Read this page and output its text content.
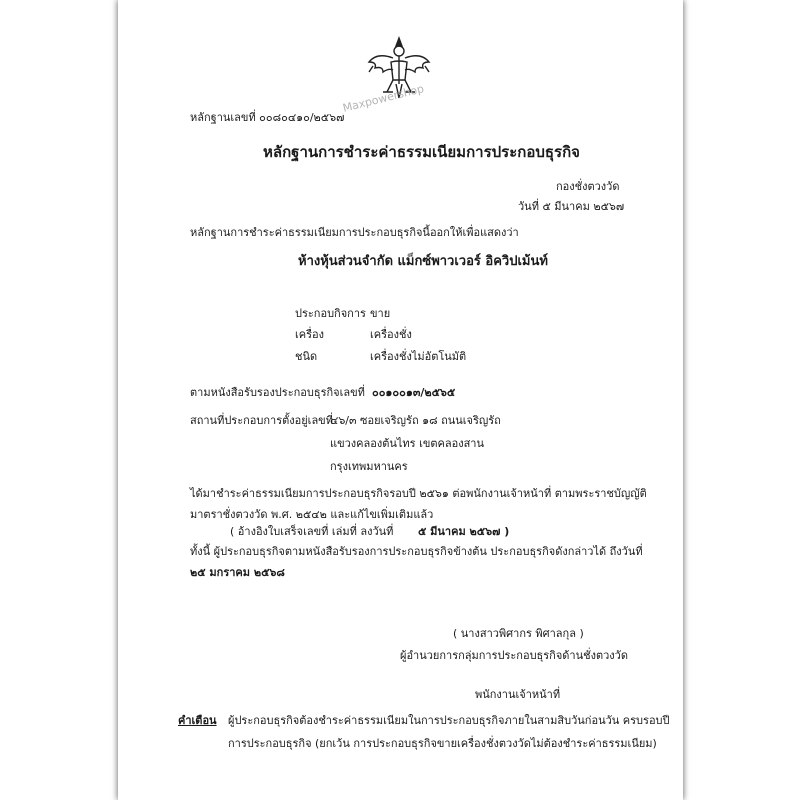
หลักฐานเลขที่ ๐๐๘๐๔๑๐/๒๕๖๗
Maxpowershop
หลักฐานการชำระค่าธรรมเนียมการประกอบธุรกิจ
กองชั่งตวงวัด
วันที่ ๕ มีนาคม ๒๕๖๗
หลักฐานการชำระค่าธรรมเนียมการประกอบธุรกิจนี้ออกให้เพื่อแสดงว่า
ห้างหุ้นส่วนจำกัด แม็กซ์พาวเวอร์ อิควิปเม้นท์
ประกอบกิจการ ขาย
เครื่อง	เครื่องชั่ง
ชนิด	เครื่องชั่งไม่อัตโนมัติ
ตามหนังสือรับรองประกอบธุรกิจเลขที่ ๐๐๑๐๐๑๓/๒๕๖๕
สถานที่ประกอบการตั้งอยู่เลขที่
๔๖/๓ ซอยเจริญรัถ ๑๘ ถนนเจริญรัถ
แขวงคลองต้นไทร เขตคลองสาน
กรุงเทพมหานคร
ได้มาชำระค่าธรรมเนียมการประกอบธุรกิจรอบปี ๒๕๖๑ ต่อพนักงานเจ้าหน้าที่ ตามพระราชบัญญัติ
มาตราชั่งตวงวัด พ.ศ. ๒๕๔๒ และแก้ไขเพิ่มเติมแล้ว
( อ้างอิงใบเสร็จเลขที่ เล่มที่ ลงวันที่ ๕ มีนาคม ๒๕๖๗ )
ทั้งนี้ ผู้ประกอบธุรกิจตามหนังสือรับรองการประกอบธุรกิจข้างต้น ประกอบธุรกิจดังกล่าวได้ ถึงวันที่
๒๕ มกราคม ๒๕๖๘
( นางสาวพิศากร พิศาลกุล )
ผู้อำนวยการกลุ่มการประกอบธุรกิจด้านชั่งตวงวัด
พนักงานเจ้าหน้าที่
คำเตือน ผู้ประกอบธุรกิจต้องชำระค่าธรรมเนียมในการประกอบธุรกิจภายในสามสิบวันก่อนวัน ครบรอบปี
การประกอบธุรกิจ (ยกเว้น การประกอบธุรกิจขายเครื่องชั่งตวงวัดไม่ต้องชำระค่าธรรมเนียม)
